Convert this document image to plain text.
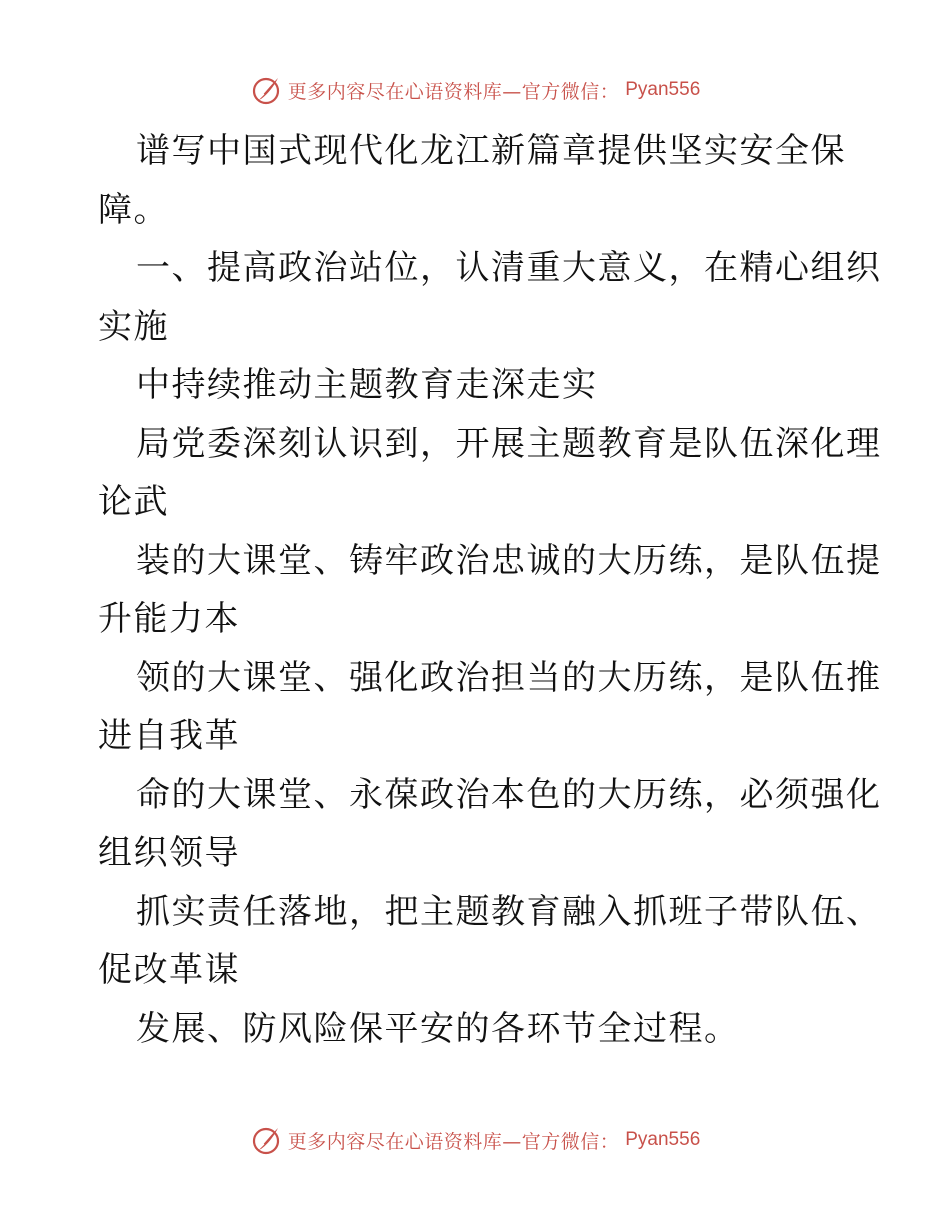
更多内容尽在心语资料库—官方微信： Pyan556
谱写中国式现代化龙江新篇章提供坚实安全保
障。
一、提高政治站位，认清重大意义，在精心组织
实施
中持续推动主题教育走深走实
局党委深刻认识到，开展主题教育是队伍深化理
论武
装的大课堂、铸牢政治忠诚的大历练，是队伍提
升能力本
领的大课堂、强化政治担当的大历练，是队伍推
进自我革
命的大课堂、永葆政治本色的大历练，必须强化
组织领导
抓实责任落地，把主题教育融入抓班子带队伍、
促改革谋
发展、防风险保平安的各环节全过程。
更多内容尽在心语资料库—官方微信： Pyan556
